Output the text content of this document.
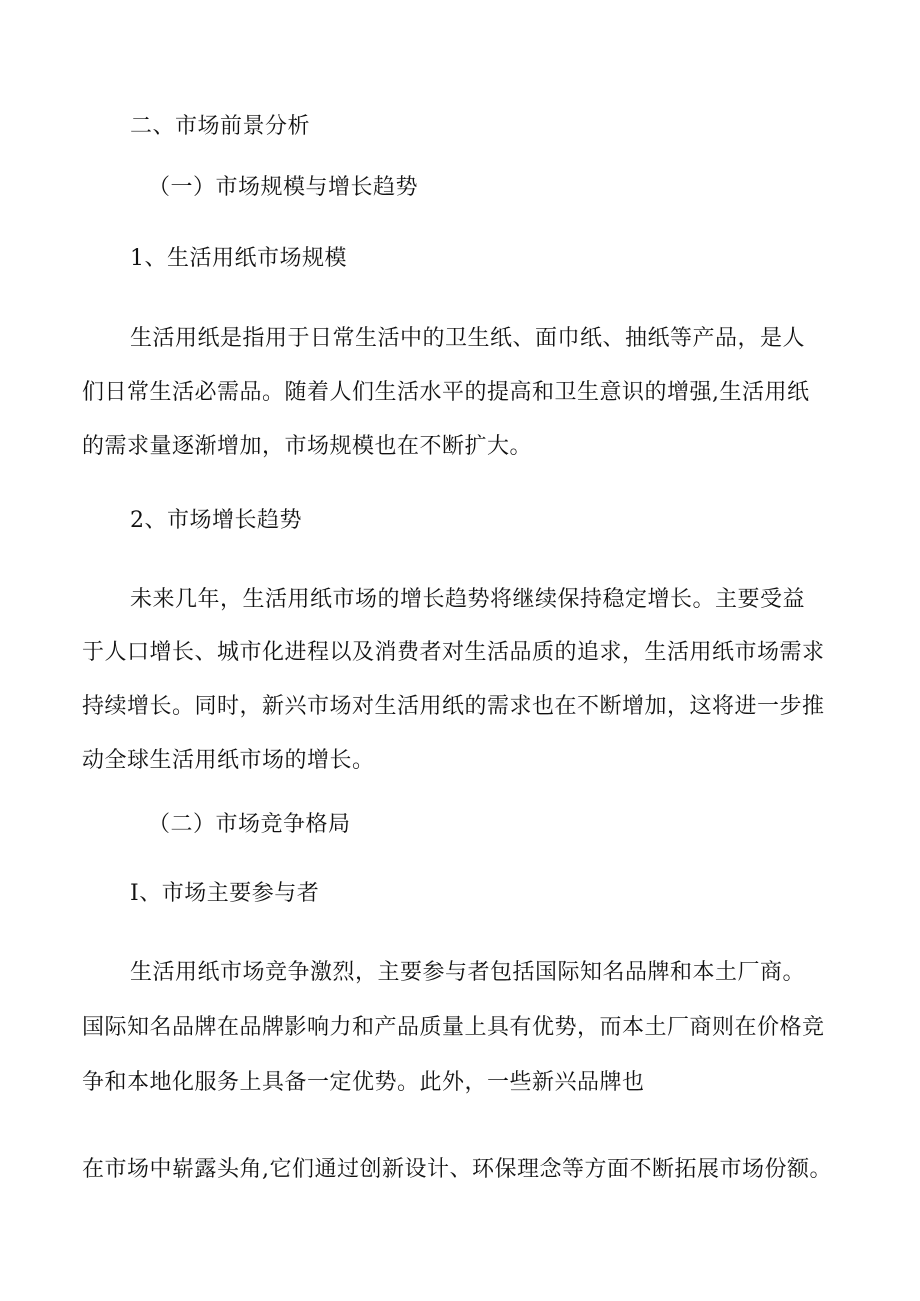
二、市场前景分析
（一）市场规模与增长趋势
1、生活用纸市场规模
生活用纸是指用于日常生活中的卫生纸、面巾纸、抽纸等产品，是人
们日常生活必需品。随着人们生活水平的提高和卫生意识的增强,生活用纸
的需求量逐渐增加，市场规模也在不断扩大。
2、市场增长趋势
未来几年，生活用纸市场的增长趋势将继续保持稳定增长。主要受益
于人口增长、城市化进程以及消费者对生活品质的追求，生活用纸市场需求
持续增长。同时，新兴市场对生活用纸的需求也在不断增加，这将进一步推
动全球生活用纸市场的增长。
（二）市场竞争格局
I、市场主要参与者
生活用纸市场竞争激烈，主要参与者包括国际知名品牌和本土厂商。
国际知名品牌在品牌影响力和产品质量上具有优势，而本土厂商则在价格竞
争和本地化服务上具备一定优势。此外，一些新兴品牌也
在市场中崭露头角,它们通过创新设计、环保理念等方面不断拓展市场份额。
